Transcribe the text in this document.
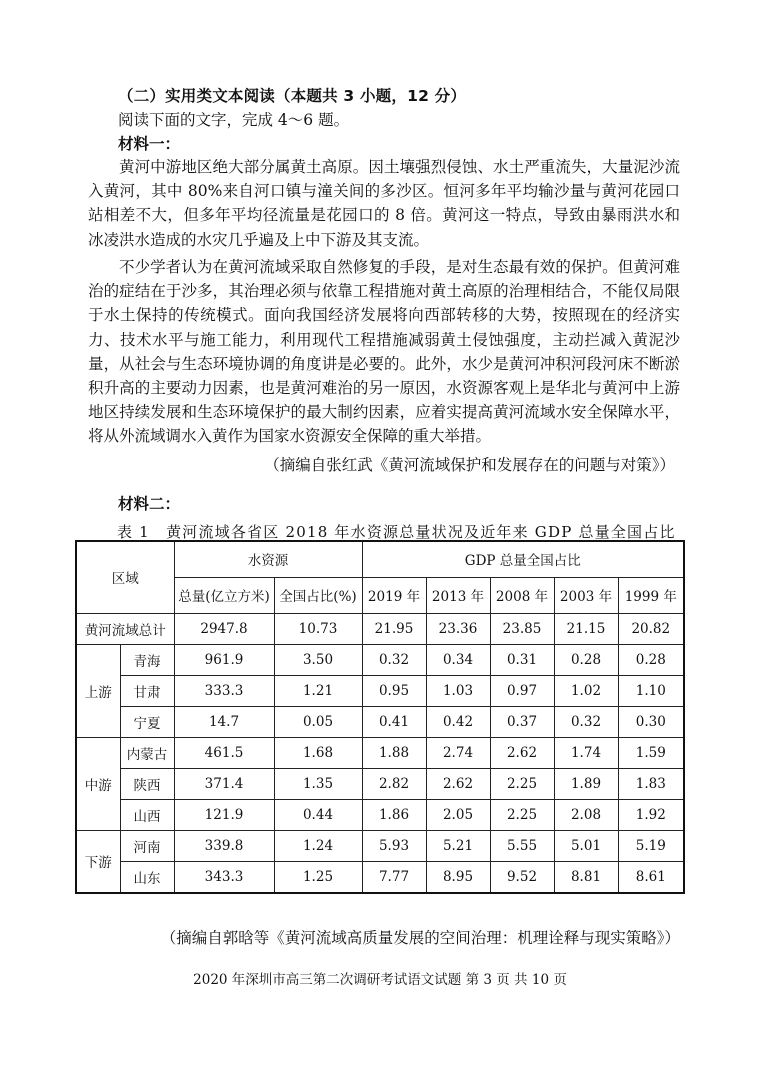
（二）实用类文本阅读（本题共 3 小题，12 分）
阅读下面的文字，完成 4～6 题。
材料一：

黄河中游地区绝大部分属黄土高原。因土壤强烈侵蚀、水土严重流失，大量泥沙流入黄河，其中 80%来自河口镇与潼关间的多沙区。恒河多年平均输沙量与黄河花园口站相差不大，但多年平均径流量是花园口的 8 倍。黄河这一特点，导致由暴雨洪水和冰凌洪水造成的水灾几乎遍及上中下游及其支流。

不少学者认为在黄河流域采取自然修复的手段，是对生态最有效的保护。但黄河难治的症结在于沙多，其治理必须与依靠工程措施对黄土高原的治理相结合，不能仅局限于水土保持的传统模式。面向我国经济发展将向西部转移的大势，按照现在的经济实力、技术水平与施工能力，利用现代工程措施减弱黄土侵蚀强度，主动拦减入黄泥沙量，从社会与生态环境协调的角度讲是必要的。此外，水少是黄河冲积河段河床不断淤积升高的主要动力因素，也是黄河难治的另一原因，水资源客观上是华北与黄河中上游地区持续发展和生态环境保护的最大制约因素，应着实提高黄河流域水安全保障水平，将从外流域调水入黄作为国家水资源安全保障的重大举措。

（摘编自张红武《黄河流域保护和发展存在的问题与对策》）
材料二：
表 1　黄河流域各省区 2018 年水资源总量状况及近年来 GDP 总量全国占比
区域		水资源		GDP 总量全国占比				
		总量(亿立方米)	全国占比(%)	2019 年	2013 年	2008 年	2003 年	1999 年
黄河流域总计		2947.8	10.73	21.95	23.36	23.85	21.15	20.82
上游	青海	961.9	3.50	0.32	0.34	0.31	0.28	0.28
	甘肃	333.3	1.21	0.95	1.03	0.97	1.02	1.10
	宁夏	14.7	0.05	0.41	0.42	0.37	0.32	0.30
中游	内蒙古	461.5	1.68	1.88	2.74	2.62	1.74	1.59
	陕西	371.4	1.35	2.82	2.62	2.25	1.89	1.83
	山西	121.9	0.44	1.86	2.05	2.25	2.08	1.92
下游	河南	339.8	1.24	5.93	5.21	5.55	5.01	5.19
	山东	343.3	1.25	7.77	8.95	9.52	8.81	8.61
（摘编自郭晗等《黄河流域高质量发展的空间治理：机理诠释与现实策略》）
2020 年深圳市高三第二次调研考试语文试题 第 3 页 共 10 页
